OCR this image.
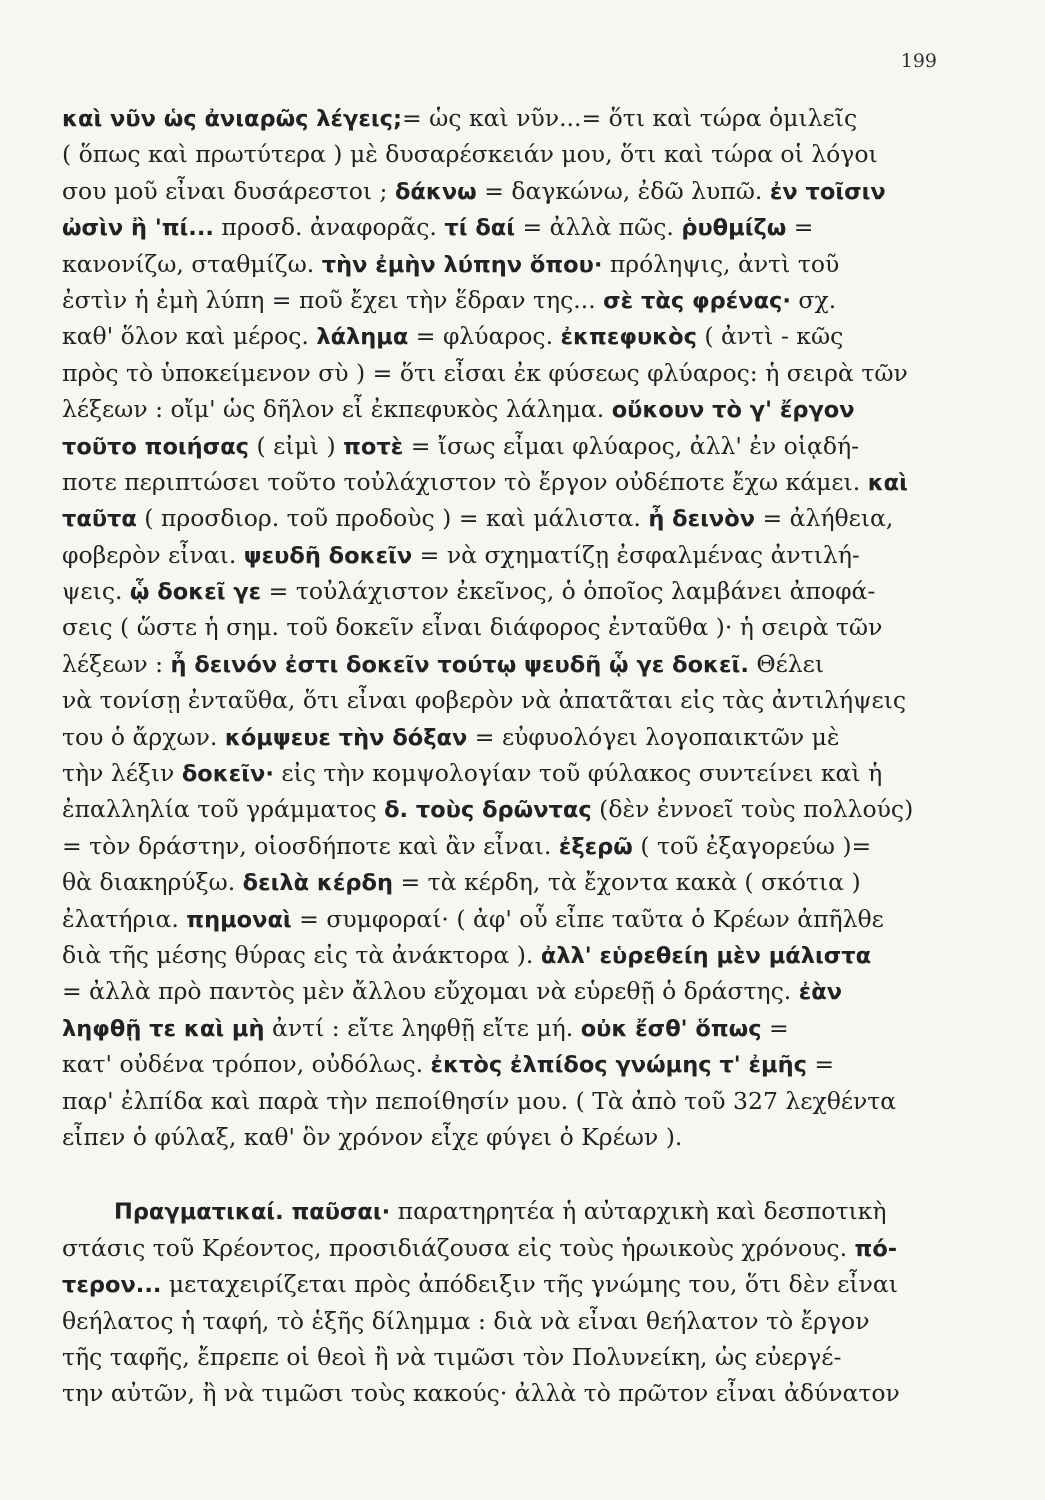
199
καὶ νῦν ὡς ἀνιαρῶς λέγεις;= ὡς καὶ νῦν...= ὅτι καὶ τώρα ὁμιλεῖς
( ὅπως καὶ πρωτύτερα ) μὲ δυσαρέσκειάν μου, ὅτι καὶ τώρα οἱ λόγοι
σου μοῦ εἶναι δυσάρεστοι ; δάκνω = δαγκώνω, ἐδῶ λυπῶ. ἐν τοῖσιν
ὠσὶν ἢ 'πί... προσδ. ἀναφορᾶς. τί δαί = ἀλλὰ πῶς. ῥυθμίζω =
κανονίζω, σταθμίζω. τὴν ἐμὴν λύπην ὅπου· πρόληψις, ἀντὶ τοῦ
ἐστὶν ἡ ἐμὴ λύπη = ποῦ ἔχει τὴν ἕδραν της... σὲ τὰς φρένας· σχ.
καθ' ὅλον καὶ μέρος. λάλημα = φλύαρος. ἐκπεφυκὸς ( ἀντὶ - κῶς
πρὸς τὸ ὑποκείμενον σὺ ) = ὅτι εἶσαι ἐκ φύσεως φλύαρος: ἡ σειρὰ τῶν
λέξεων : οἴμ' ὡς δῆλον εἶ ἐκπεφυκὸς λάλημα. οὔκουν τὸ γ' ἔργον
τοῦτο ποιήσας ( εἰμὶ ) ποτὲ = ἴσως εἶμαι φλύαρος, ἀλλ' ἐν οἱᾳδή-
ποτε περιπτώσει τοῦτο τοὐλάχιστον τὸ ἔργον οὐδέποτε ἔχω κάμει. καὶ
ταῦτα ( προσδιορ. τοῦ προδοὺς ) = καὶ μάλιστα. ἦ δεινὸν = ἀλήθεια,
φοβερὸν εἶναι. ψευδῆ δοκεῖν = νὰ σχηματίζῃ ἐσφαλμένας ἀντιλή-
ψεις. ᾧ δοκεῖ γε = τοὐλάχιστον ἐκεῖνος, ὁ ὁποῖος λαμβάνει ἀποφά-
σεις ( ὥστε ἡ σημ. τοῦ δοκεῖν εἶναι διάφορος ἐνταῦθα )· ἡ σειρὰ τῶν
λέξεων : ἦ δεινόν ἐστι δοκεῖν τούτῳ ψευδῆ ᾧ γε δοκεῖ. Θέλει
νὰ τονίσῃ ἐνταῦθα, ὅτι εἶναι φοβερὸν νὰ ἀπατᾶται εἰς τὰς ἀντιλήψεις
του ὁ ἄρχων. κόμψευε τὴν δόξαν = εὐφυολόγει λογοπαικτῶν μὲ
τὴν λέξιν δοκεῖν· εἰς τὴν κομψολογίαν τοῦ φύλακος συντείνει καὶ ἡ
ἐπαλληλία τοῦ γράμματος δ. τοὺς δρῶντας (δὲν ἐννοεῖ τοὺς πολλούς)
= τὸν δράστην, οἱοσδήποτε καὶ ἂν εἶναι. ἐξερῶ ( τοῦ ἐξαγορεύω )=
θὰ διακηρύξω. δειλὰ κέρδη = τὰ κέρδη, τὰ ἔχοντα κακὰ ( σκότια )
ἐλατήρια. πημοναὶ = συμφοραί· ( ἀφ' οὗ εἶπε ταῦτα ὁ Κρέων ἀπῆλθε
διὰ τῆς μέσης θύρας εἰς τὰ ἀνάκτορα ). ἀλλ' εὑρεθείη μὲν μάλιστα
= ἀλλὰ πρὸ παντὸς μὲν ἄλλου εὔχομαι νὰ εὑρεθῇ ὁ δράστης. ἐὰν
ληφθῇ τε καὶ μὴ ἀντί : εἴτε ληφθῇ εἴτε μή. οὐκ ἔσθ' ὅπως =
κατ' οὐδένα τρόπον, οὐδόλως. ἐκτὸς ἐλπίδος γνώμης τ' ἐμῆς =
παρ' ἐλπίδα καὶ παρὰ τὴν πεποίθησίν μου. ( Τὰ ἀπὸ τοῦ 327 λεχθέντα
εἶπεν ὁ φύλαξ, καθ' ὃν χρόνον εἶχε φύγει ὁ Κρέων ).
Πραγματικαί. παῦσαι· παρατηρητέα ἡ αὐταρχικὴ καὶ δεσποτικὴ
στάσις τοῦ Κρέοντος, προσιδιάζουσα εἰς τοὺς ἡρωικοὺς χρόνους. πό-
τερον... μεταχειρίζεται πρὸς ἀπόδειξιν τῆς γνώμης του, ὅτι δὲν εἶναι
θεήλατος ἡ ταφή, τὸ ἑξῆς δίλημμα : διὰ νὰ εἶναι θεήλατον τὸ ἔργον
τῆς ταφῆς, ἔπρεπε οἱ θεοὶ ἢ νὰ τιμῶσι τὸν Πολυνείκη, ὡς εὐεργέ-
την αὐτῶν, ἢ νὰ τιμῶσι τοὺς κακούς· ἀλλὰ τὸ πρῶτον εἶναι ἀδύνατον
